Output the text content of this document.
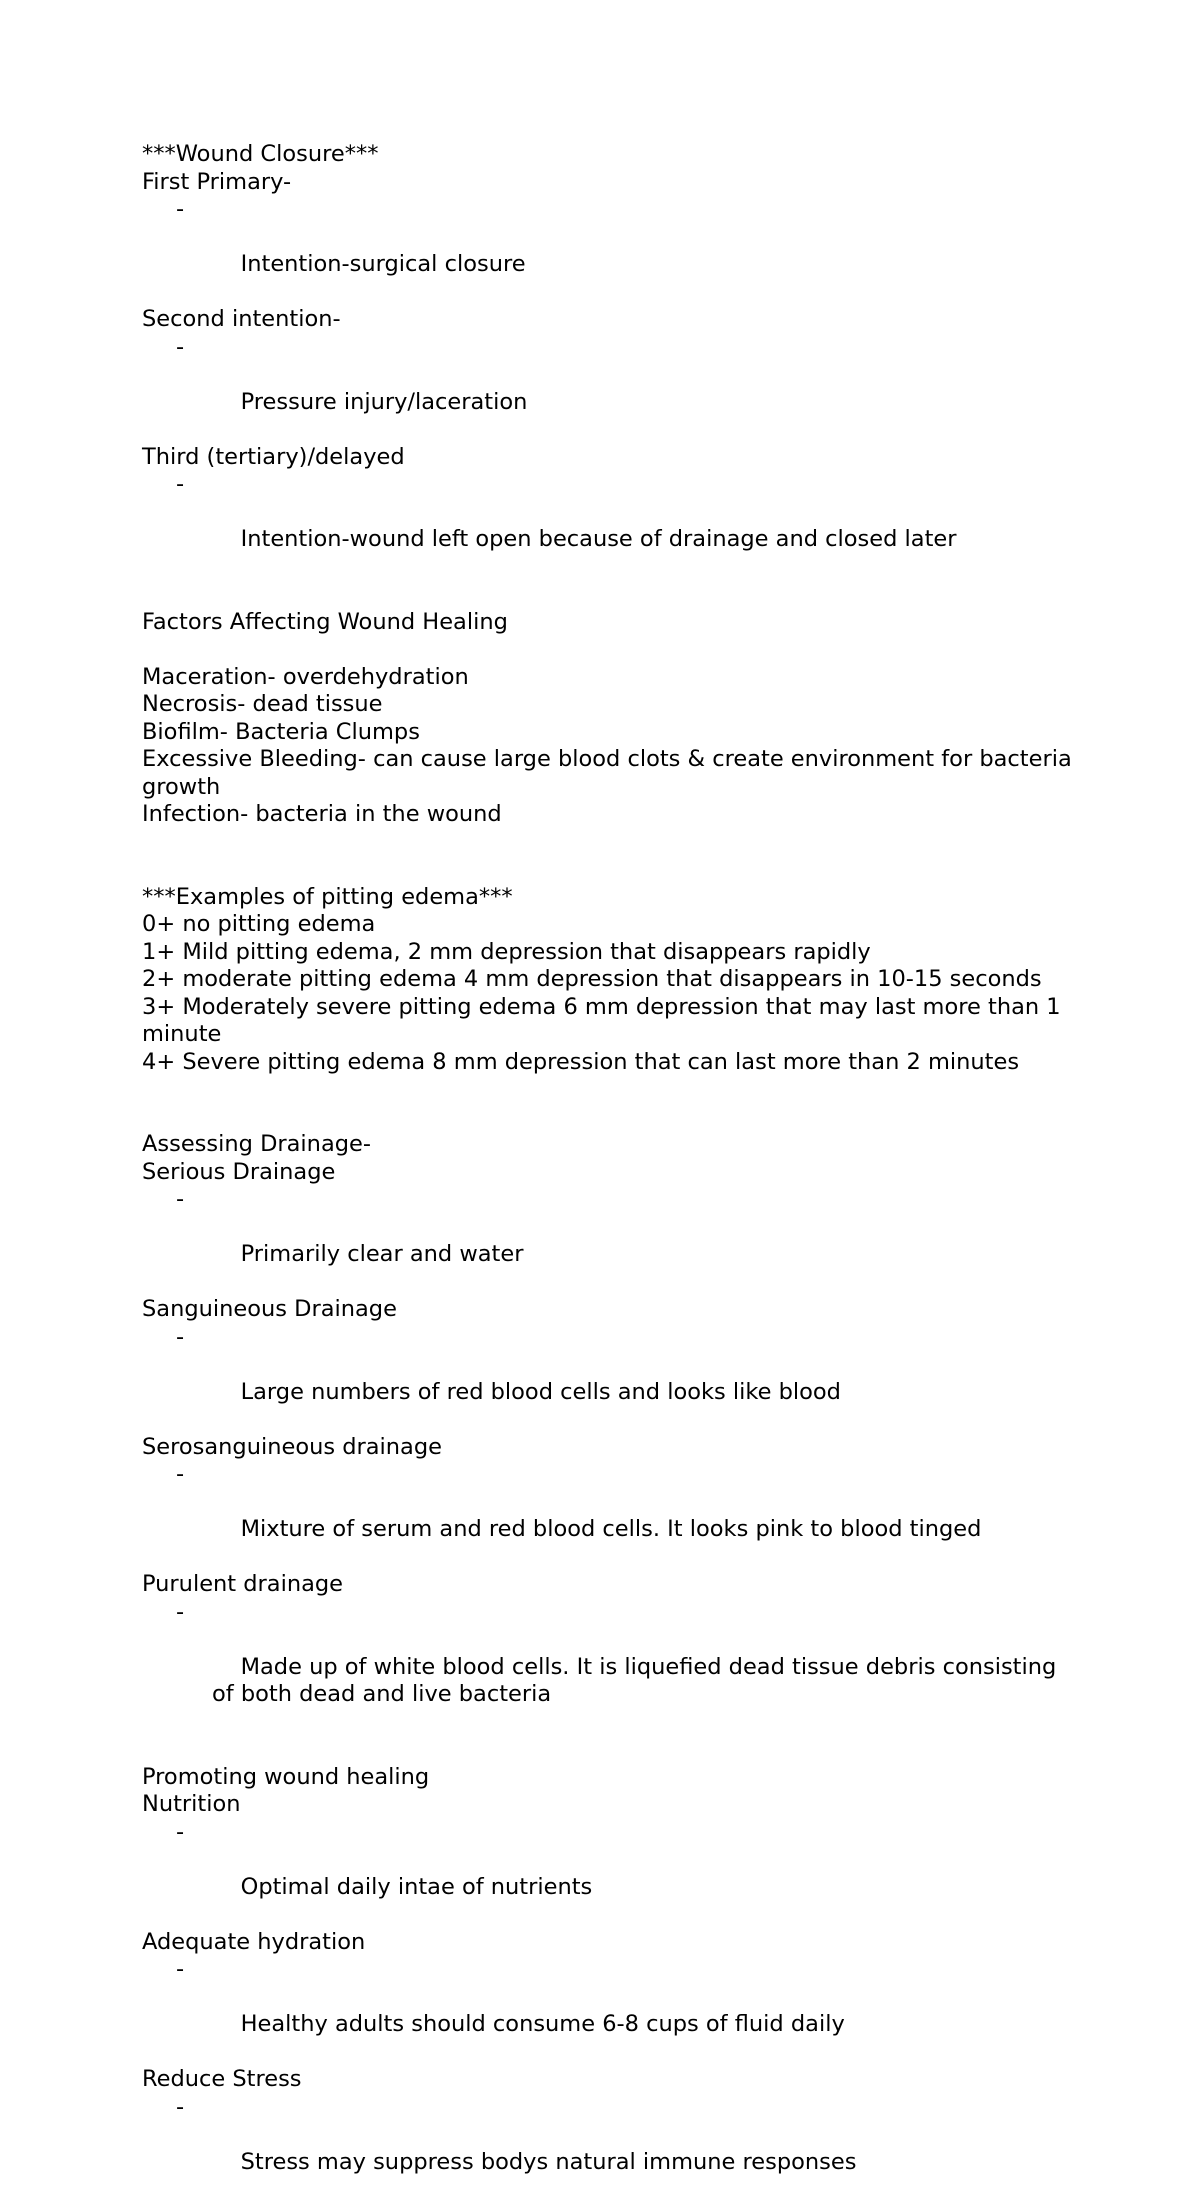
***Wound Closure***
First Primary-

-

Intention-surgical closure

Second intention-

-

Pressure injury/laceration

Third (tertiary)/delayed

-

Intention-wound left open because of drainage and closed later

Factors Affecting Wound Healing
Maceration- overdehydration
Necrosis- dead tissue
Biofilm- Bacteria Clumps
Excessive Bleeding- can cause large blood clots & create environment for bacteria growth
Infection- bacteria in the wound
***Examples of pitting edema***
0+ no pitting edema
1+ Mild pitting edema, 2 mm depression that disappears rapidly
2+ moderate pitting edema 4 mm depression that disappears in 10-15 seconds
3+ Moderately severe pitting edema 6 mm depression that may last more than 1 minute
4+ Severe pitting edema 8 mm depression that can last more than 2 minutes
Assessing Drainage-
Serious Drainage

-

Primarily clear and water

Sanguineous Drainage

-

Large numbers of red blood cells and looks like blood

Serosanguineous drainage

-

Mixture of serum and red blood cells. It looks pink to blood tinged

Purulent drainage

-

Made up of white blood cells. It is liquefied dead tissue debris consisting of both dead and live bacteria

Promoting wound healing
Nutrition

-

Optimal daily intae of nutrients

Adequate hydration

-

Healthy adults should consume 6-8 cups of fluid daily

Reduce Stress

-

Stress may suppress bodys natural immune responses
